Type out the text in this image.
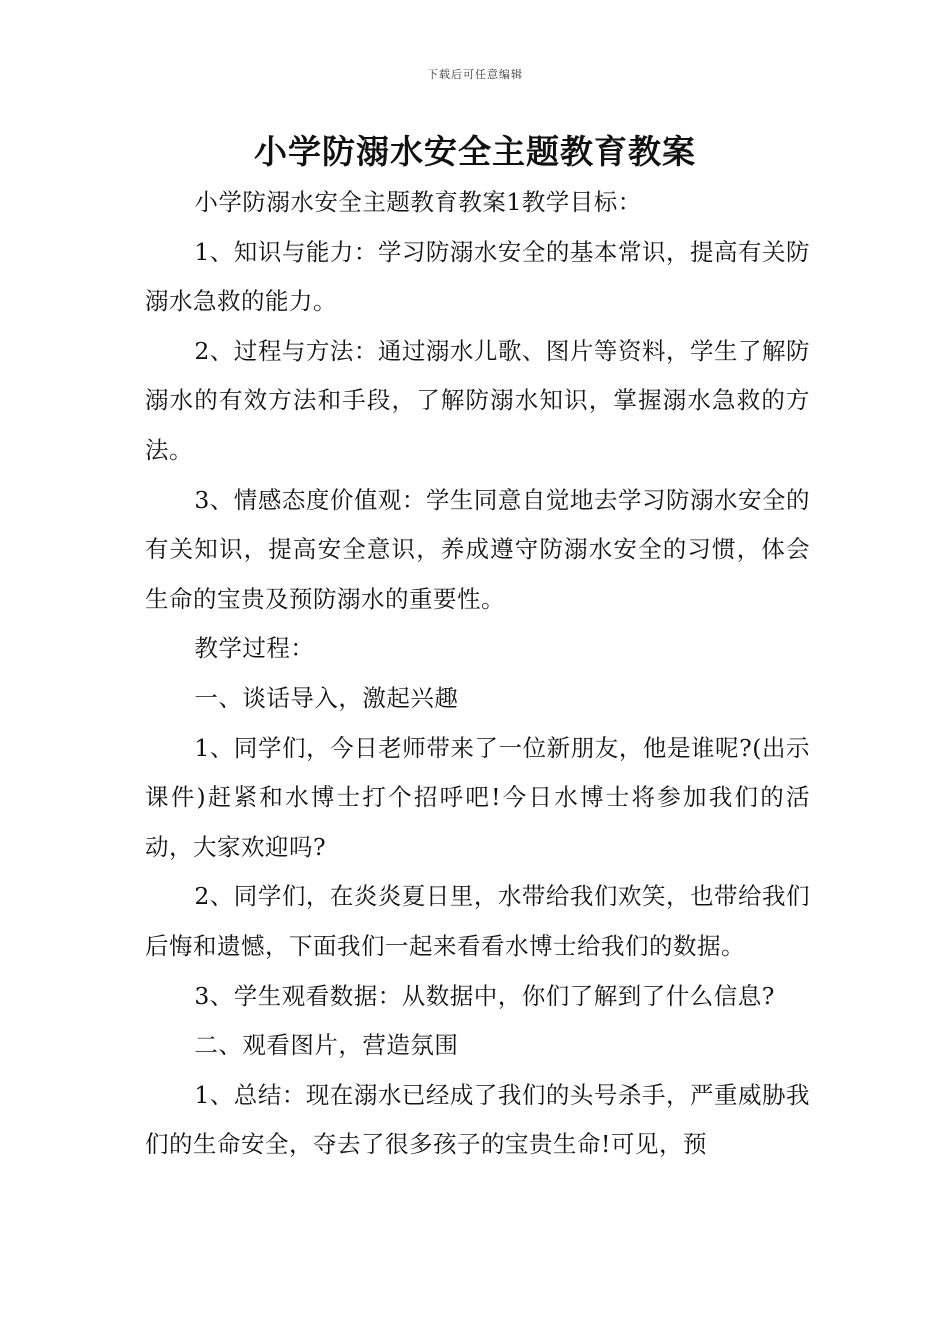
下载后可任意编辑
小学防溺水安全主题教育教案

小学防溺水安全主题教育教案1教学目标：

1、知识与能力：学习防溺水安全的基本常识，提高有关防溺水急救的能力。

2、过程与方法：通过溺水儿歌、图片等资料，学生了解防溺水的有效方法和手段，了解防溺水知识，掌握溺水急救的方法。

3、情感态度价值观：学生同意自觉地去学习防溺水安全的有关知识，提高安全意识，养成遵守防溺水安全的习惯，体会生命的宝贵及预防溺水的重要性。

教学过程：

一、谈话导入，激起兴趣

1、同学们，今日老师带来了一位新朋友，他是谁呢?(出示课件)赶紧和水博士打个招呼吧!今日水博士将参加我们的活动，大家欢迎吗?

2、同学们，在炎炎夏日里，水带给我们欢笑，也带给我们后悔和遗憾，下面我们一起来看看水博士给我们的数据。

3、学生观看数据：从数据中，你们了解到了什么信息?

二、观看图片，营造氛围

1、总结：现在溺水已经成了我们的头号杀手，严重威胁我们的生命安全，夺去了很多孩子的宝贵生命!可见，预
